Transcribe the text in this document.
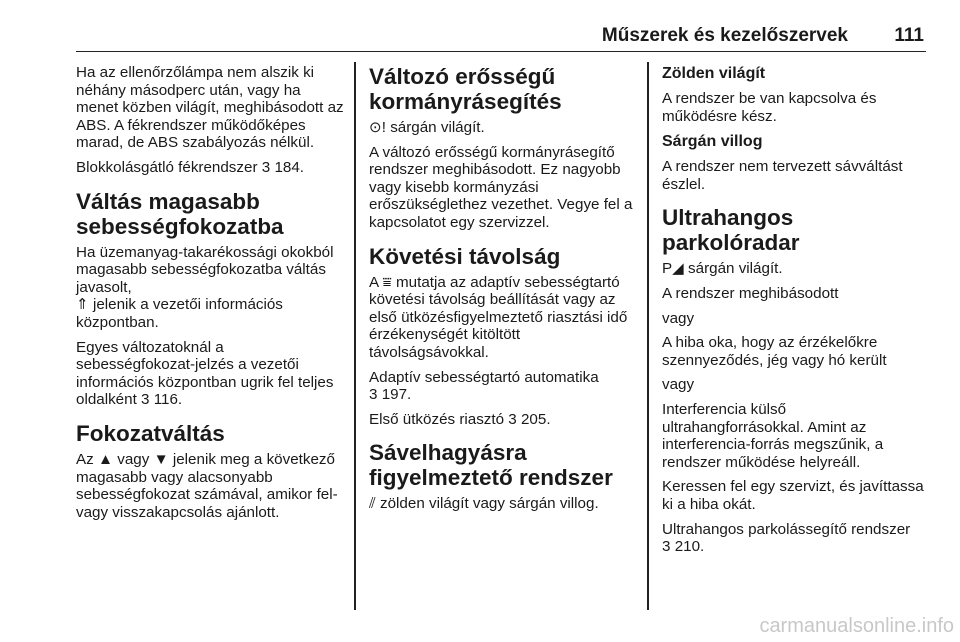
Műszerek és kezelőszervek 111

Ha az ellenőrzőlámpa nem alszik ki néhány másodperc után, vagy ha menet közben világít, meghibásodott az ABS. A fékrendszer működőképes marad, de ABS szabályozás nélkül.

Blokkolásgátló fékrendszer 3 184.

Váltás magasabb sebességfokozatba

Ha üzemanyag-takarékossági okokból magasabb sebességfokozatba váltás javasolt,
⇑ jelenik a vezetői információs központban.

Egyes változatoknál a sebességfokozat-jelzés a vezetői információs központban ugrik fel teljes oldalként 3 116.

Fokozatváltás

Az ▲ vagy ▼ jelenik meg a következő magasabb vagy alacsonyabb sebességfokozat számával, amikor fel- vagy visszakapcsolás ajánlott.

Változó erősségű kormányrásegítés

⊙! sárgán világít.

A változó erősségű kormányrásegítő rendszer meghibásodott. Ez nagyobb vagy kisebb kormányzási erőszükséglethez vezethet. Vegye fel a kapcsolatot egy szervizzel.

Követési távolság

A ⩸ mutatja az adaptív sebességtartó követési távolság beállítását vagy az első ütközésfigyelmeztető riasztási idő érzékenységét kitöltött távolságsávokkal.

Adaptív sebességtartó automatika
3 197.

Első ütközés riasztó 3 205.

Sávelhagyásra figyelmeztető rendszer

⫽ zölden világít vagy sárgán villog.

Zölden világít

A rendszer be van kapcsolva és működésre kész.

Sárgán villog

A rendszer nem tervezett sávváltást észlel.

Ultrahangos parkolóradar

P◢ sárgán világít.

A rendszer meghibásodott

vagy

A hiba oka, hogy az érzékelőkre szennyeződés, jég vagy hó került

vagy

Interferencia külső ultrahangforrásokkal. Amint az interferencia-forrás megszűnik, a rendszer működése helyreáll.

Keressen fel egy szervizt, és javíttassa ki a hiba okát.

Ultrahangos parkolássegítő rendszer
3 210.

carmanualsonline.info
